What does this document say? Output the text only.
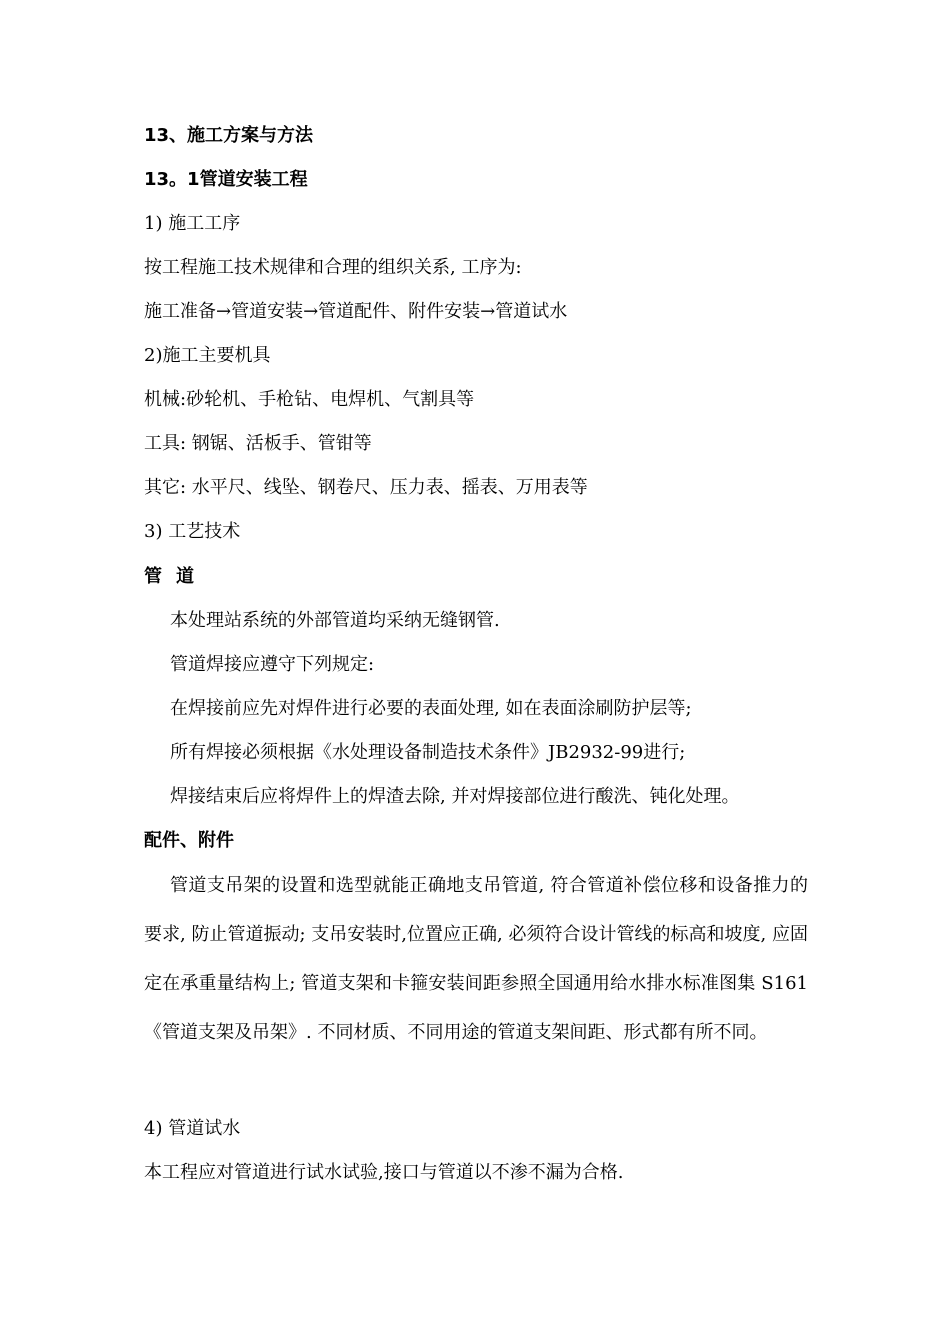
13、施工方案与方法
13。1管道安装工程
1) 施工工序
按工程施工技术规律和合理的组织关系, 工序为:
施工准备→管道安装→管道配件、附件安装→管道试水
2)施工主要机具
机械:砂轮机、手枪钻、电焊机、气割具等
工具: 钢锯、活板手、管钳等
其它: 水平尺、线坠、钢卷尺、压力表、摇表、万用表等
3) 工艺技术
管道
本处理站系统的外部管道均采纳无缝钢管.
管道焊接应遵守下列规定:
在焊接前应先对焊件进行必要的表面处理, 如在表面涂刷防护层等;
所有焊接必须根据《水处理设备制造技术条件》JB2932-99进行;
焊接结束后应将焊件上的焊渣去除, 并对焊接部位进行酸洗、钝化处理。
配件、附件

管道支吊架的设置和选型就能正确地支吊管道, 符合管道补偿位移和设备推力的要求, 防止管道振动; 支吊安装时,位置应正确, 必须符合设计管线的标高和坡度, 应固定在承重量结构上; 管道支架和卡箍安装间距参照全国通用给水排水标准图集 S161《管道支架及吊架》. 不同材质、不同用途的管道支架间距、形式都有所不同。

4) 管道试水
本工程应对管道进行试水试验,接口与管道以不渗不漏为合格.
